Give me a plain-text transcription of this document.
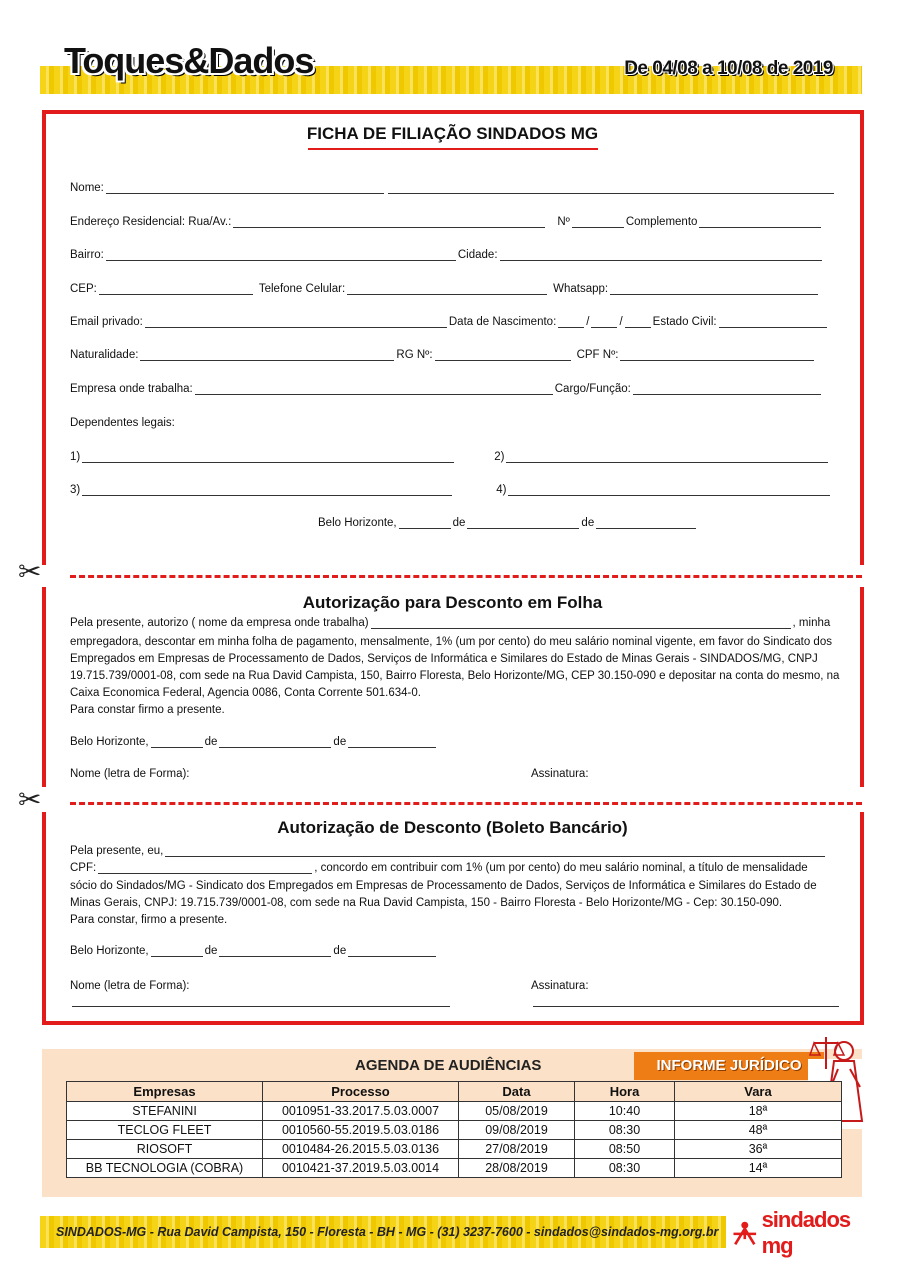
Toques&Dados	De 04/08 a 10/08 de 2019
FICHA DE FILIAÇÃO SINDADOS MG
Nome:
Endereço Residencial: Rua/Av.:	Nº	Complemento
Bairro:	Cidade:
CEP:	Telefone Celular:	Whatsapp:
Email privado:	Data de Nascimento:	/	/	Estado Civil:
Naturalidade:	RG Nº:	CPF Nº:
Empresa onde trabalha:	Cargo/Função:
Dependentes legais:
1)	2)
3)	4)
Belo Horizonte,	de	de
✂
Autorização para Desconto em Folha
Pela presente, autorizo ( nome da empresa onde trabalha)	, minha
empregadora, descontar em minha folha de pagamento, mensalmente, 1% (um por cento) do meu salário nominal vigente, em favor do Sindicato dos Empregados em Empresas de Processamento de Dados, Serviços de Informática e Similares do Estado de Minas Gerais - SINDADOS/MG, CNPJ 19.715.739/0001-08, com sede na Rua David Campista, 150, Bairro Floresta, Belo Horizonte/MG, CEP 30.150-090 e depositar na conta do mesmo, na Caixa Economica Federal, Agencia 0086, Conta Corrente 501.634-0.
Para constar firmo a presente.
Belo Horizonte,	de	de
Nome (letra de Forma):	Assinatura:
✂
Autorização de Desconto (Boleto Bancário)
Pela presente, eu,
CPF:	, concordo em contribuir com 1% (um por cento) do meu salário nominal, a título de mensalidade
sócio do Sindados/MG - Sindicato dos Empregados em Empresas de Processamento de Dados, Serviços de Informática e Similares do Estado de Minas Gerais, CNPJ: 19.715.739/0001-08, com sede na Rua David Campista, 150 - Bairro Floresta - Belo Horizonte/MG - Cep: 30.150-090.
Para constar, firmo a presente.
Belo Horizonte,	de	de
Nome (letra de Forma):	Assinatura:
AGENDA DE AUDIÊNCIAS	INFORME JURÍDICO
Empresas	Processo	Data	Hora	Vara
STEFANINI	0010951-33.2017.5.03.0007	05/08/2019	10:40	18ª
TECLOG FLEET	0010560-55.2019.5.03.0186	09/08/2019	08:30	48ª
RIOSOFT	0010484-26.2015.5.03.0136	27/08/2019	08:50	36ª
BB TECNOLOGIA (COBRA)	0010421-37.2019.5.03.0014	28/08/2019	08:30	14ª
SINDADOS-MG - Rua David Campista, 150 - Floresta - BH - MG - (31) 3237-7600 - sindados@sindados-mg.org.br	sindados mg
